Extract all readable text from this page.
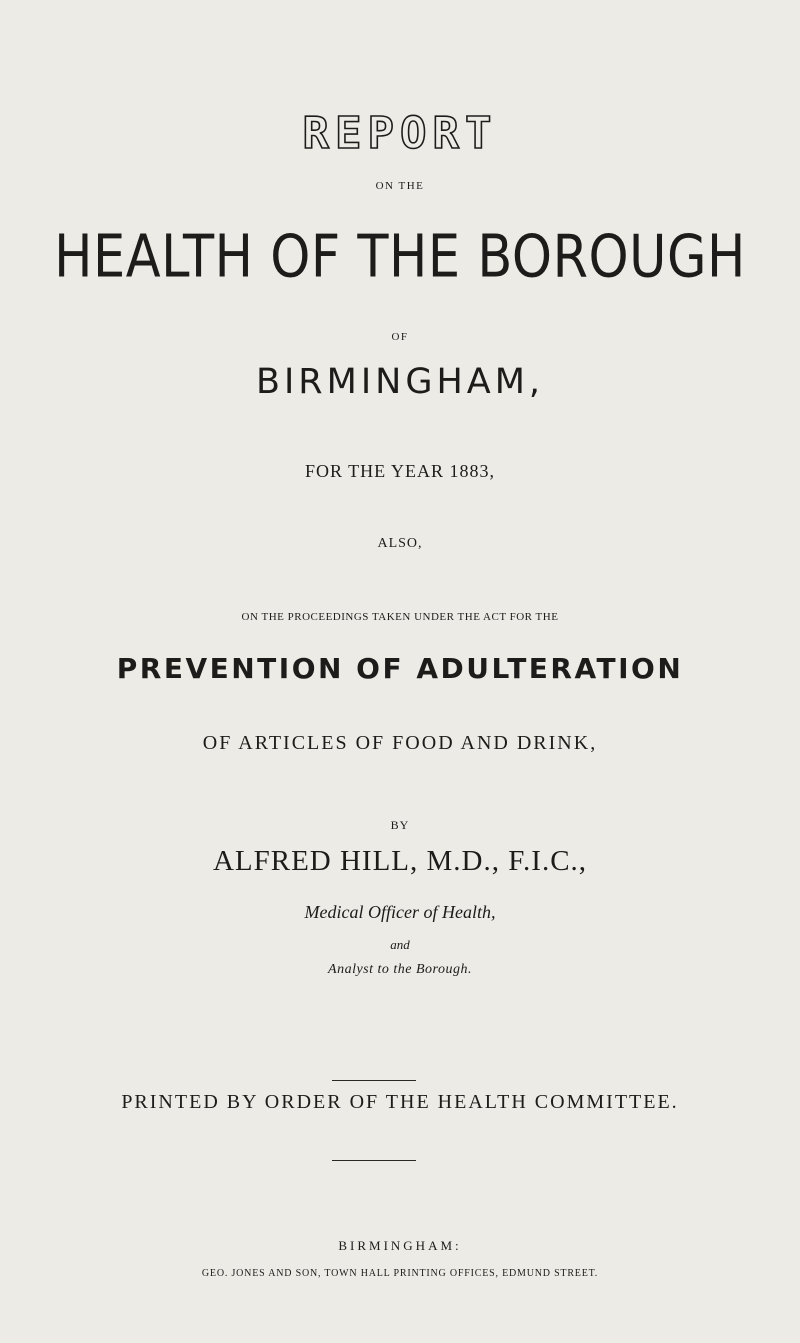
REPORT
ON THE
HEALTH OF THE BOROUGH
OF
BIRMINGHAM,
FOR THE YEAR 1883,
ALSO,
ON THE PROCEEDINGS TAKEN UNDER THE ACT FOR THE
PREVENTION OF ADULTERATION
OF ARTICLES OF FOOD AND DRINK,
BY
ALFRED HILL, M.D., F.I.C.,
Medical Officer of Health,
and
Analyst to the Borough.
PRINTED BY ORDER OF THE HEALTH COMMITTEE.
BIRMINGHAM:
GEO. JONES AND SON, TOWN HALL PRINTING OFFICES, EDMUND STREET.
